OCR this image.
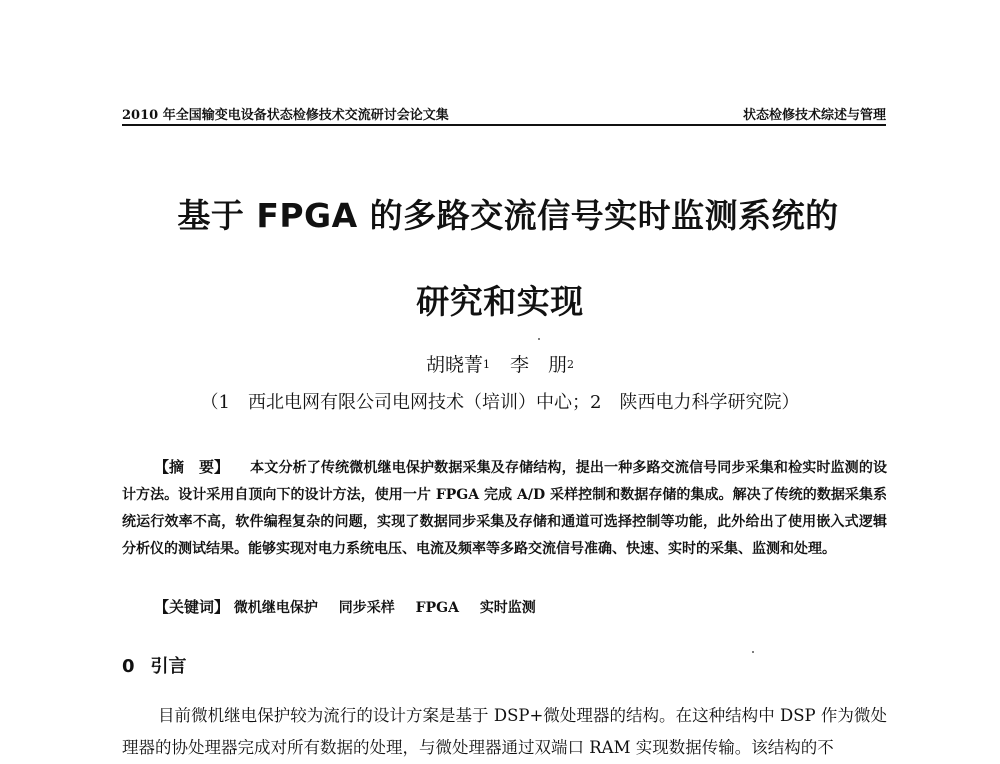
2010 年全国输变电设备状态检修技术交流研讨会论文集	状态检修技术综述与管理
基于 FPGA 的多路交流信号实时监测系统的
研究和实现
胡晓菁$^1$ 李　朋$^2$
（1　西北电网有限公司电网技术（培训）中心；2　陕西电力科学研究院）
【摘　要】 本文分析了传统微机继电保护数据采集及存储结构，提出一种多路交流信号同步采集和检实时监测的设计方法。设计采用自顶向下的设计方法，使用一片 FPGA 完成 A/D 采样控制和数据存储的集成。解决了传统的数据采集系统运行效率不高，软件编程复杂的问题，实现了数据同步采集及存储和通道可选择控制等功能，此外给出了使用嵌入式逻辑分析仪的测试结果。能够实现对电力系统电压、电流及频率等多路交流信号准确、快速、实时的采集、监测和处理。
【关键词】 微机继电保护 同步采样 FPGA 实时监测
0 引言
目前微机继电保护较为流行的设计方案是基于 DSP+微处理器的结构。在这种结构中 DSP 作为微处理器的协处理器完成对所有数据的处理，与微处理器通过双端口 RAM 实现数据传输。该结构的不
